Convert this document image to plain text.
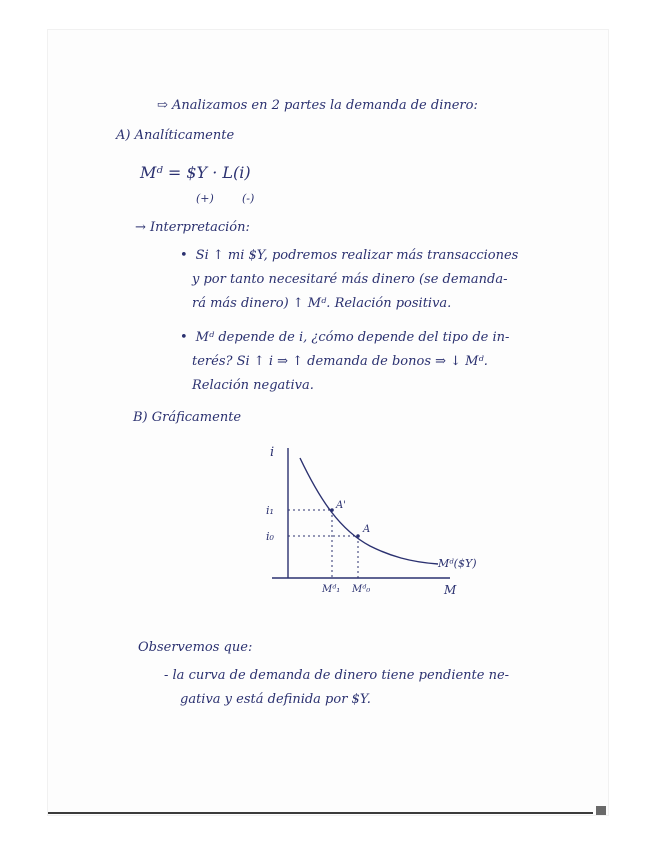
⇨ Analizamos en 2 partes la demanda de dinero:
A) Analíticamente
Mᵈ = $Y · L(i)
(+)	(-)
→ Interpretación:
• Si ↑ mi $Y, podremos realizar más transacciones
y por tanto necesitaré más dinero (se demanda-
rá más dinero) ↑ Mᵈ. Relación positiva.
• Mᵈ depende de i, ¿cómo depende del tipo de in-
terés? Si ↑ i ⇒ ↑ demanda de bonos ⇒ ↓ Mᵈ.
Relación negativa.
B) Gráficamente
i
i₁
i₀
A'
A
Mᵈ₁ Mᵈ₀
Mᵈ($Y)
M
Observemos que:
- la curva de demanda de dinero tiene pendiente ne-
gativa y está definida por $Y.
